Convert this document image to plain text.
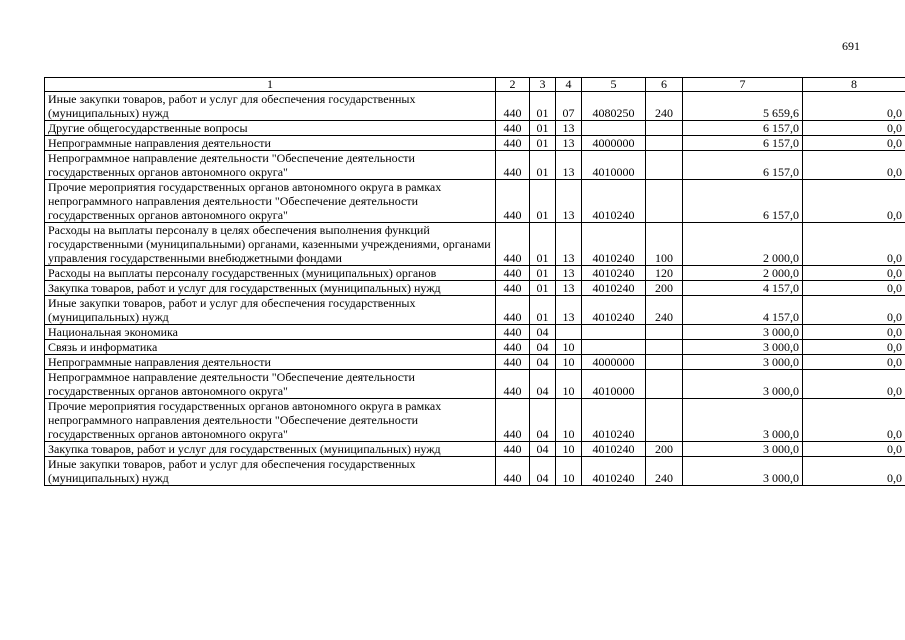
691
1	2	3	4	5	6	7	8
Иные закупки товаров, работ и услуг для обеспечения государственных (муниципальных) нужд	440	01	07	4080250	240	5 659,6	0,0
Другие общегосударственные вопросы	440	01	13			6 157,0	0,0
Непрограммные направления деятельности	440	01	13	4000000		6 157,0	0,0
Непрограммное направление деятельности "Обеспечение деятельности государственных органов автономного округа"	440	01	13	4010000		6 157,0	0,0
Прочие мероприятия государственных органов автономного округа в рамках непрограммного направления деятельности "Обеспечение деятельности государственных органов автономного округа"	440	01	13	4010240		6 157,0	0,0
Расходы на выплаты персоналу в целях обеспечения выполнения функций государственными (муниципальными) органами, казенными учреждениями, органами управления государственными внебюджетными фондами	440	01	13	4010240	100	2 000,0	0,0
Расходы на выплаты персоналу государственных (муниципальных) органов	440	01	13	4010240	120	2 000,0	0,0
Закупка товаров, работ и услуг для государственных (муниципальных) нужд	440	01	13	4010240	200	4 157,0	0,0
Иные закупки товаров, работ и услуг для обеспечения государственных (муниципальных) нужд	440	01	13	4010240	240	4 157,0	0,0
Национальная экономика	440	04				3 000,0	0,0
Связь и информатика	440	04	10			3 000,0	0,0
Непрограммные направления деятельности	440	04	10	4000000		3 000,0	0,0
Непрограммное направление деятельности "Обеспечение деятельности государственных органов автономного округа"	440	04	10	4010000		3 000,0	0,0
Прочие мероприятия государственных органов автономного округа в рамках непрограммного направления деятельности "Обеспечение деятельности государственных органов автономного округа"	440	04	10	4010240		3 000,0	0,0
Закупка товаров, работ и услуг для государственных (муниципальных) нужд	440	04	10	4010240	200	3 000,0	0,0
Иные закупки товаров, работ и услуг для обеспечения государственных (муниципальных) нужд	440	04	10	4010240	240	3 000,0	0,0
